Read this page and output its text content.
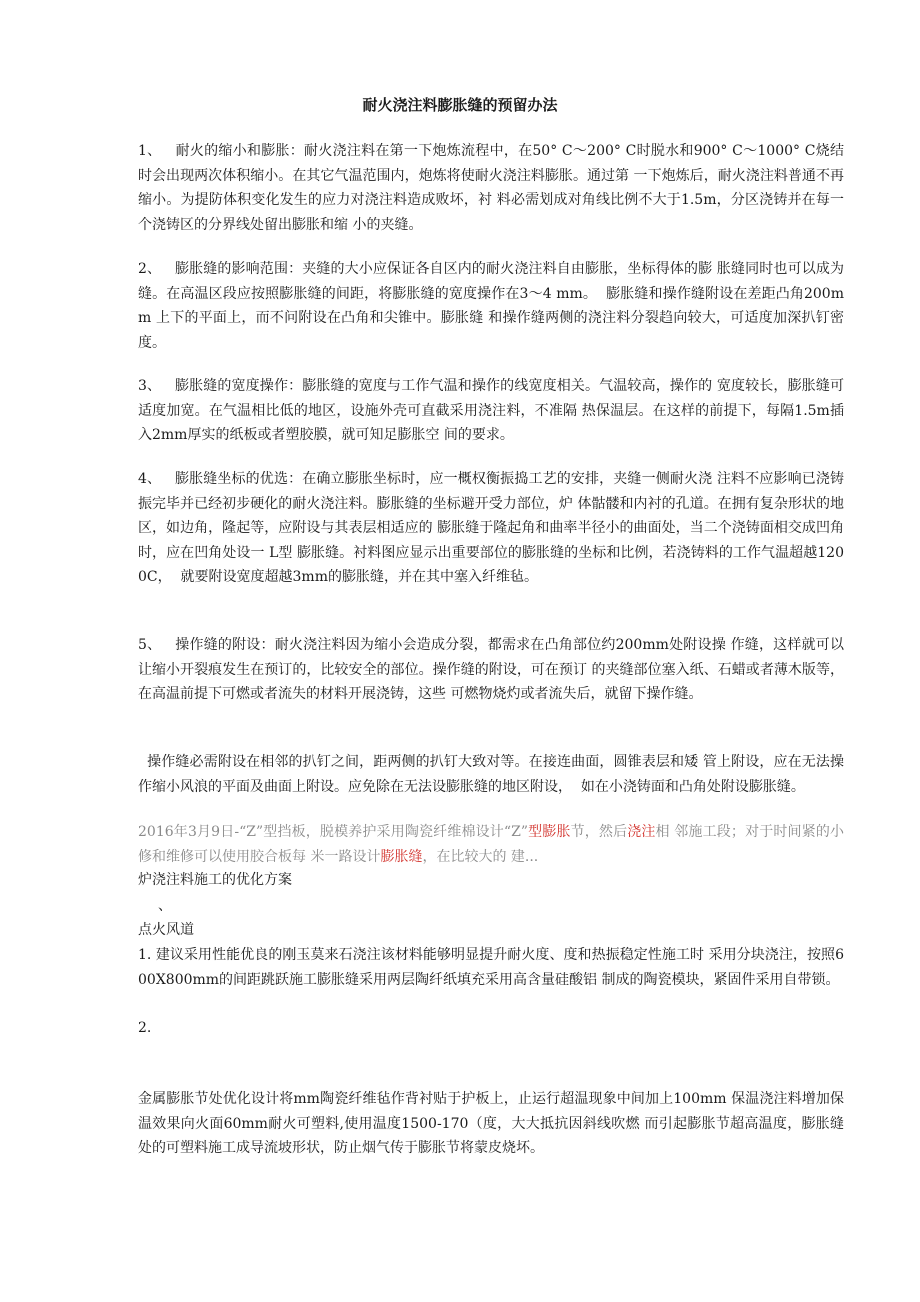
耐火浇注料膨胀缝的预留办法
1、   耐火的缩小和膨胀：耐火浇注料在第一下炮炼流程中，在50° C～200° C时脱水和900° C～1000° C烧结时会出现两次体积缩小。在其它气温范围内，炮炼将使耐火浇注料膨胀。通过第 一下炮炼后，耐火浇注料普通不再缩小。为提防体积变化发生的应力对浇注料造成败坏，衬 料必需划成对角线比例不大于1.5m，分区浇铸并在每一个浇铸区的分界线处留出膨胀和缩 小的夹缝。
2、   膨胀缝的影响范围：夹缝的大小应保证各自区内的耐火浇注料自由膨胀，坐标得体的膨 胀缝同时也可以成为缝。在高温区段应按照膨胀缝的间距，将膨胀缝的宽度操作在3～4 mm。  膨胀缝和操作缝附设在差距凸角200mm 上下的平面上，而不问附设在凸角和尖锥中。膨胀缝 和操作缝两侧的浇注料分裂趋向较大，可适度加深扒钉密度。
3、   膨胀缝的宽度操作：膨胀缝的宽度与工作气温和操作的线宽度相关。气温较高，操作的 宽度较长，膨胀缝可适度加宽。在气温相比低的地区，设施外壳可直截采用浇注料，不准隔 热保温层。在这样的前提下，每隔1.5m插入2mm厚实的纸板或者塑胶膜，就可知足膨胀空 间的要求。
4、   膨胀缝坐标的优选：在确立膨胀坐标时，应一概权衡振捣工艺的安排，夹缝一侧耐火浇 注料不应影响已浇铸振完毕并已经初步硬化的耐火浇注料。膨胀缝的坐标避开受力部位，炉 体骷髅和内衬的孔道。在拥有复杂形状的地区，如边角，隆起等，应附设与其表层相适应的 膨胀缝于隆起角和曲率半径小的曲面处，当二个浇铸面相交成凹角时，应在凹角处设一 L型 膨胀缝。衬料图应显示出重要部位的膨胀缝的坐标和比例，若浇铸料的工作气温超越1200C，  就要附设宽度超越3mm的膨胀缝，并在其中塞入纤维毡。
5、   操作缝的附设：耐火浇注料因为缩小会造成分裂，都需求在凸角部位约200mm处附设操 作缝，这样就可以让缩小开裂痕发生在预订的，比较安全的部位。操作缝的附设，可在预订 的夹缝部位塞入纸、石蜡或者薄木版等，在高温前提下可燃或者流失的材料开展浇铸，这些 可燃物烧灼或者流失后，就留下操作缝。
操作缝必需附设在相邻的扒钉之间，距两侧的扒钉大致对等。在接连曲面，圆锥表层和矮 管上附设，应在无法操作缩小风浪的平面及曲面上附设。应免除在无法设膨胀缝的地区附设，  如在小浇铸面和凸角处附设膨胀缝。
2016年3月9日-“Z”型挡板，脱模养护采用陶瓷纤维棉设计“Z”型膨胀节，然后浇注相 邻施工段；对于时间紧的小修和维修可以使用胶合板每 米一路设计膨胀缝，在比较大的 建...
炉浇注料施工的优化方案
、
点火风道
1. 建议采用性能优良的刚玉莫来石浇注该材料能够明显提升耐火度、度和热振稳定性施工时 采用分块浇注，按照600X800mm的间距跳跃施工膨胀缝采用两层陶纤纸填充采用高含量硅酸铝 制成的陶瓷模块，紧固件采用自带锁。
2.
金属膨胀节处优化设计将mm陶瓷纤维毡作背衬贴于护板上，止运行超温现象中间加上100mm 保温浇注料增加保温效果向火面60mm耐火可塑料,使用温度1500-170（度，大大抵抗因斜线吹燃 而引起膨胀节超高温度，膨胀缝处的可塑料施工成导流坡形状，防止烟气传于膨胀节将蒙皮烧坏。
